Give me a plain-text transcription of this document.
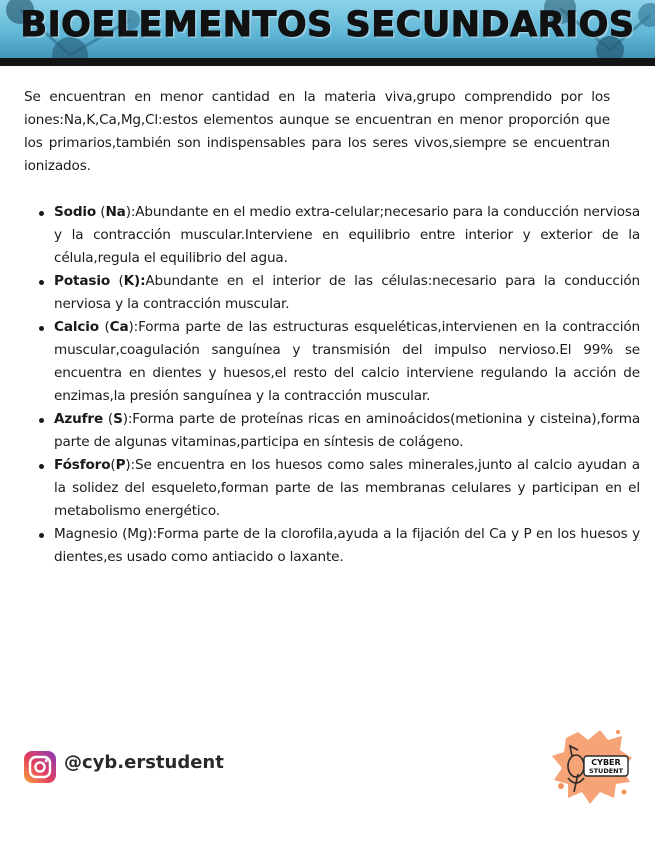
BIOELEMENTOS SECUNDARIOS

Se encuentran en menor cantidad en la materia viva,grupo comprendido por los iones:Na,K,Ca,Mg,Cl:estos elementos aunque se encuentran en menor proporción que los primarios,también son indispensables para los seres vivos,siempre se encuentran ionizados.

Sodio (Na):Abundante en el medio extra-celular;necesario para la conducción nerviosa y la contracción muscular.Interviene en equilibrio entre interior y exterior de la célula,regula el equilibrio del agua.
Potasio (K):Abundante en el interior de las células:necesario para la conducción nerviosa y la contracción muscular.
Calcio (Ca):Forma parte de las estructuras esqueléticas,intervienen en la contracción muscular,coagulación sanguínea y transmisión del impulso nervioso.El 99% se encuentra en dientes y huesos,el resto del calcio interviene regulando la acción de enzimas,la presión sanguínea y la contracción muscular.
Azufre (S):Forma parte de proteínas ricas en aminoácidos(metionina y cisteina),forma parte de algunas vitaminas,participa en síntesis de colágeno.
Fósforo(P):Se encuentra en los huesos como sales minerales,junto al calcio ayudan a la solidez del esqueleto,forman parte de las membranas celulares y participan en el metabolismo energético.
Magnesio (Mg):Forma parte de la clorofila,ayuda a la fijación del Ca y P en los huesos y dientes,es usado como antiacido o laxante.
@cyb.erstudent	CYBER
STUDENT
